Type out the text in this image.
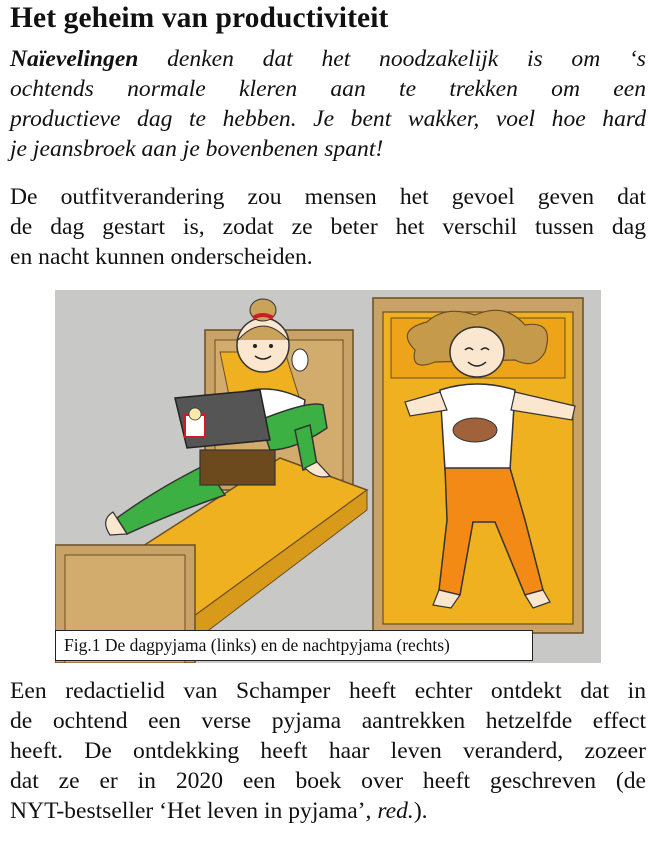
Het geheim van productiviteit
Naïevelingen denken dat het noodzakelijk is om ‘s
ochtends normale kleren aan te trekken om een
productieve dag te hebben. Je bent wakker, voel hoe hard
je jeansbroek aan je bovenbenen spant!
De outfitverandering zou mensen het gevoel geven dat
de dag gestart is, zodat ze beter het verschil tussen dag
en nacht kunnen onderscheiden.
Fig.1 De dagpyjama (links) en de nachtpyjama (rechts)
Een redactielid van Schamper heeft echter ontdekt dat in
de ochtend een verse pyjama aantrekken hetzelfde effect
heeft. De ontdekking heeft haar leven veranderd, zozeer
dat ze er in 2020 een boek over heeft geschreven (de
NYT-bestseller ‘Het leven in pyjama’, red.).
